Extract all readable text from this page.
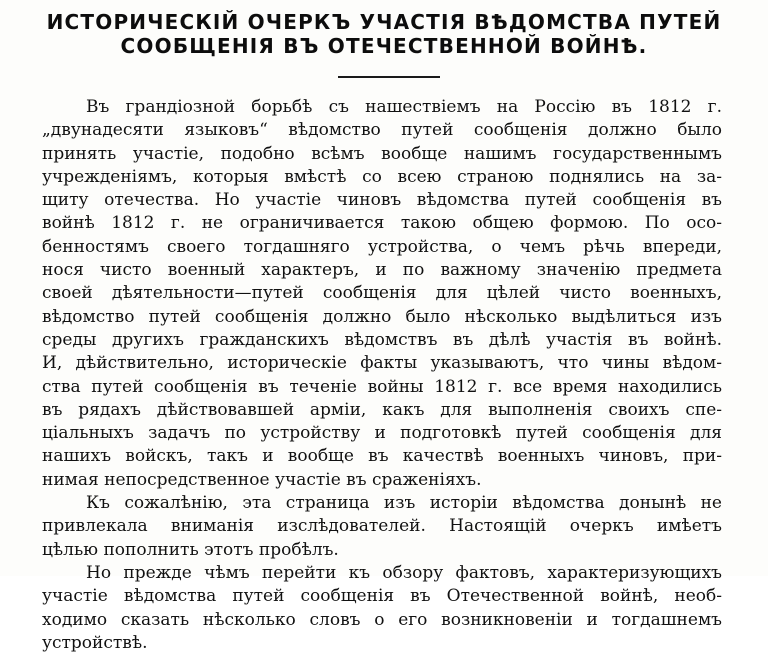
ИСТОРИЧЕСКІЙ ОЧЕРКЪ УЧАСТІЯ ВѢДОМСТВА ПУТЕЙ
СООБЩЕНІЯ ВЪ ОТЕЧЕСТВЕННОЙ ВОЙНѢ.
Въ грандіозной борьбѣ съ нашествіемъ на Россію въ 1812 г.
„двунадесяти языковъ“ вѣдомство путей сообщенія должно было
принять участіе, подобно всѣмъ вообще нашимъ государственнымъ
учрежденіямъ, которыя вмѣстѣ со всею страною поднялись на за-
щиту отечества. Но участіе чиновъ вѣдомства путей сообщенія въ
войнѣ 1812 г. не ограничивается такою общею формою. По осо-
бенностямъ своего тогдашняго устройства, о чемъ рѣчь впереди,
нося чисто военный характеръ, и по важному значенію предмета
своей дѣятельности—путей сообщенія для цѣлей чисто военныхъ,
вѣдомство путей сообщенія должно было нѣсколько выдѣлиться изъ
среды другихъ гражданскихъ вѣдомствъ въ дѣлѣ участія въ войнѣ.
И, дѣйствительно, историческіе факты указываютъ, что чины вѣдом-
ства путей сообщенія въ теченіе войны 1812 г. все время находились
въ рядахъ дѣйствовавшей арміи, какъ для выполненія своихъ спе-
ціальныхъ задачъ по устройству и подготовкѣ путей сообщенія для
нашихъ войскъ, такъ и вообще въ качествѣ военныхъ чиновъ, при-
нимая непосредственное участіе въ сраженіяхъ.
Къ сожалѣнію, эта страница изъ исторіи вѣдомства донынѣ не
привлекала вниманія изслѣдователей. Настоящій очеркъ имѣетъ
цѣлью пополнить этотъ пробѣлъ.
Но прежде чѣмъ перейти къ обзору фактовъ, характеризующихъ
участіе вѣдомства путей сообщенія въ Отечественной войнѣ, необ-
ходимо сказать нѣсколько словъ о его возникновеніи и тогдашнемъ
устройствѣ.
